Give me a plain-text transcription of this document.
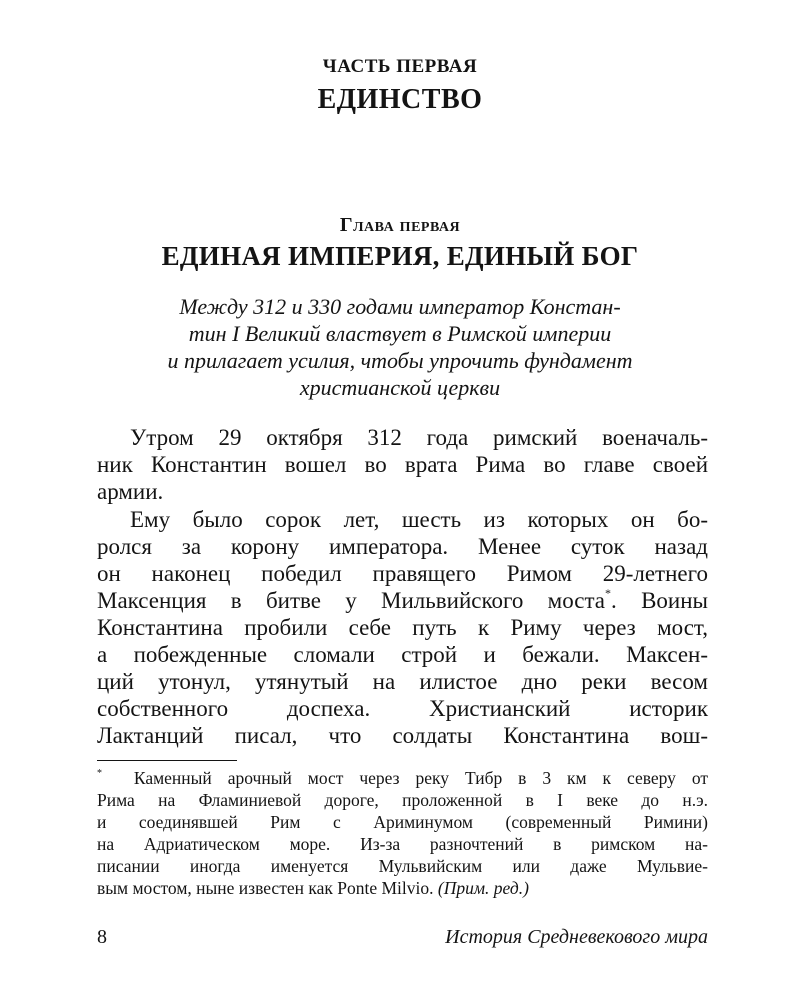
ЧАСТЬ ПЕРВАЯ
ЕДИНСТВО
Глава первая
ЕДИНАЯ ИМПЕРИЯ, ЕДИНЫЙ БОГ
Между 312 и 330 годами император Констан-
тин I Великий властвует в Римской империи
и прилагает усилия, чтобы упрочить фундамент
христианской церкви
Утром 29 октября 312 года римский военачаль-
ник Константин вошел во врата Рима во главе своей
армии.
Ему было сорок лет, шесть из которых он бо-
ролся за корону императора. Менее суток назад
он наконец победил правящего Римом 29-летнего
Максенция в битве у Мильвийского моста*. Воины
Константина пробили себе путь к Риму через мост,
а побежденные сломали строй и бежали. Максен-
ций утонул, утянутый на илистое дно реки весом
собственного доспеха. Христианский историк
Лактанций писал, что солдаты Константина вош-
* Каменный арочный мост через реку Тибр в 3 км к северу от
Рима на Фламиниевой дороге, проложенной в I веке до н.э.
и соединявшей Рим с Ариминумом (современный Римини)
на Адриатическом море. Из-за разночтений в римском на-
писании иногда именуется Мульвийским или даже Мульвие-
вым мостом, ныне известен как Ponte Milvio. (Прим. ред.)
8	История Средневекового мира
